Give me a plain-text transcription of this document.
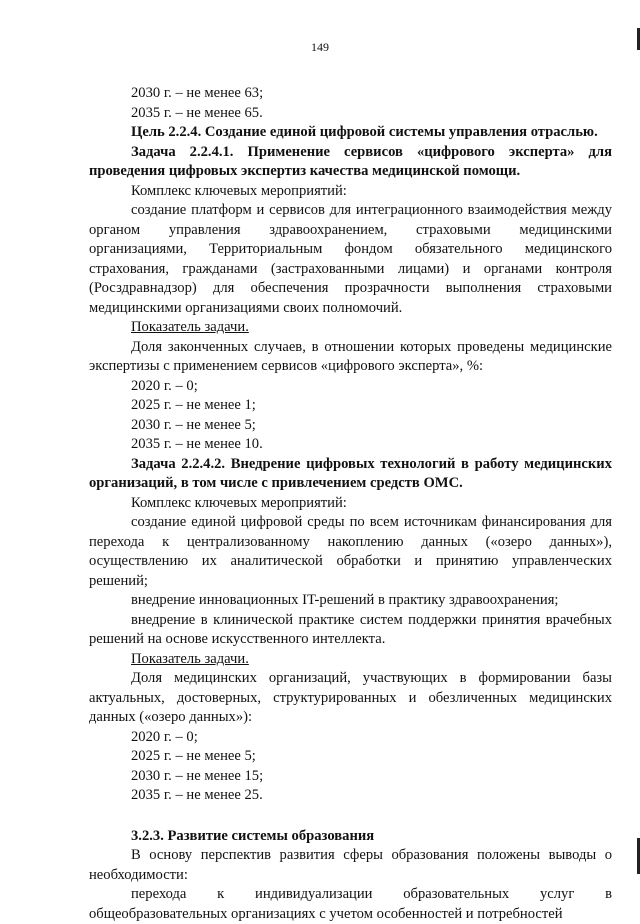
149

2030 г. – не менее 63;

2035 г. – не менее 65.

Цель 2.2.4. Создание единой цифровой системы управления отраслью.

Задача 2.2.4.1. Применение сервисов «цифрового эксперта» для проведения цифровых экспертиз качества медицинской помощи.

Комплекс ключевых мероприятий:

создание платформ и сервисов для интеграционного взаимодействия между органом управления здравоохранением, страховыми медицинскими организациями, Территориальным фондом обязательного медицинского страхования, гражданами (застрахованными лицами) и органами контроля (Росздравнадзор) для обеспечения прозрачности выполнения страховыми медицинскими организациями своих полномочий.

Показатель задачи.

Доля законченных случаев, в отношении которых проведены медицинские экспертизы с применением сервисов «цифрового эксперта», %:

2020 г. – 0;

2025 г. – не менее 1;

2030 г. – не менее 5;

2035 г. – не менее 10.

Задача 2.2.4.2. Внедрение цифровых технологий в работу медицинских организаций, в том числе с привлечением средств ОМС.

Комплекс ключевых мероприятий:

создание единой цифровой среды по всем источникам финансирования для перехода к централизованному накоплению данных («озеро данных»), осуществлению их аналитической обработки и принятию управленческих решений;

внедрение инновационных IT-решений в практику здравоохранения;

внедрение в клинической практике систем поддержки принятия врачебных решений на основе искусственного интеллекта.

Показатель задачи.

Доля медицинских организаций, участвующих в формировании базы актуальных, достоверных, структурированных и обезличенных медицинских данных («озеро данных»):

2020 г. – 0;

2025 г. – не менее 5;

2030 г. – не менее 15;

2035 г. – не менее 25.

3.2.3. Развитие системы образования

В основу перспектив развития сферы образования положены выводы о необходимости:

перехода к индивидуализации образовательных услуг в общеобразовательных организациях с учетом особенностей и потребностей
